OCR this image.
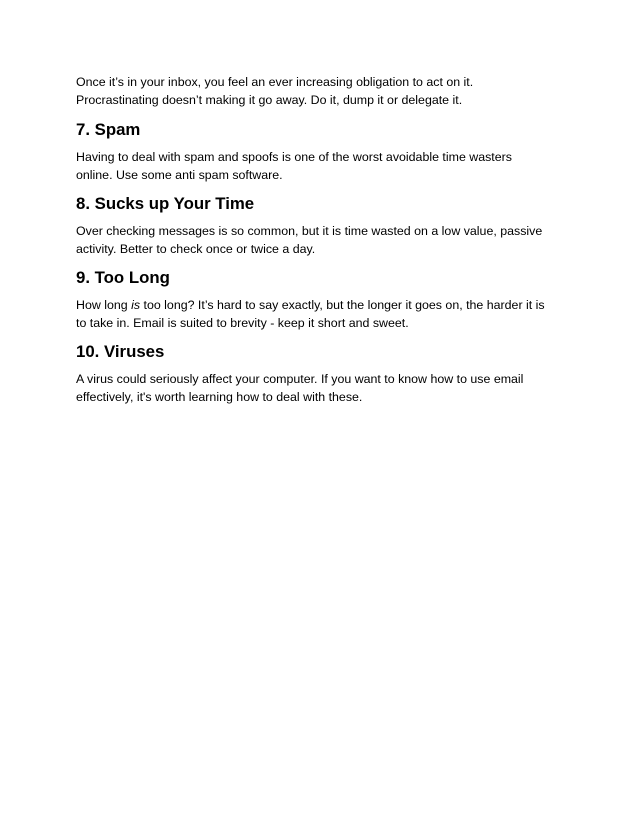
Once it’s in your inbox, you feel an ever increasing obligation to act on it.

Procrastinating doesn’t making it go away. Do it, dump it or delegate it.

7. Spam

Having to deal with spam and spoofs is one of the worst avoidable time wasters

online. Use some anti spam software.

8. Sucks up Your Time

Over checking messages is so common, but it is time wasted on a low value, passive

activity. Better to check once or twice a day.

9. Too Long

How long is too long? It’s hard to say exactly, but the longer it goes on, the harder it is

to take in. Email is suited to brevity - keep it short and sweet.

10. Viruses

A virus could seriously affect your computer. If you want to know how to use email

effectively, it's worth learning how to deal with these.
